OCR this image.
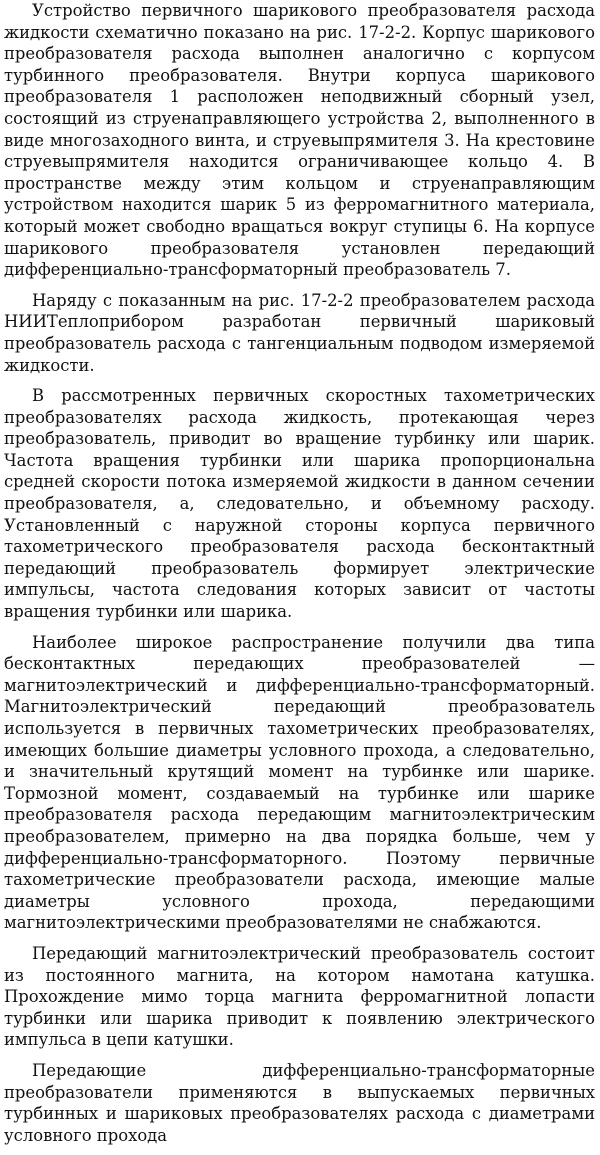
Устройство первичного шарикового преобразователя расхода жидкости схематично показано на рис. 17-2-2. Корпус шарикового преобразователя расхода выполнен аналогично с корпусом турбинного преобразователя. Внутри корпуса шарикового преобразователя 1 расположен неподвижный сборный узел, состоящий из струенаправляющего устройства 2, выполненного в виде многозаходного винта, и струевыпрямителя 3. На крестовине струевыпрямителя находится ограничивающее кольцо 4. В пространстве между этим кольцом и струенаправляющим устройством находится шарик 5 из ферромагнитного материала, который может свободно вращаться вокруг ступицы 6. На корпусе шарикового преобразователя установлен передающий дифференциально-трансформаторный преобразователь 7.

Наряду с показанным на рис. 17-2-2 преобразователем расхода НИИТеплоприбором разработан первичный шариковый преобразователь расхода с тангенциальным подводом измеряемой жидкости.

В рассмотренных первичных скоростных тахометрических преобразователях расхода жидкость, протекающая через преобразователь, приводит во вращение турбинку или шарик. Частота вращения турбинки или шарика пропорциональна средней скорости потока измеряемой жидкости в данном сечении преобразователя, а, следовательно, и объемному расходу. Установленный с наружной стороны корпуса первичного тахометрического преобразователя расхода бесконтактный передающий преобразователь формирует электрические импульсы, частота следования которых зависит от частоты вращения турбинки или шарика.

Наиболее широкое распространение получили два типа бесконтактных передающих преобразователей — магнитоэлектрический и дифференциально-трансформаторный. Магнитоэлектрический передающий преобразователь используется в первичных тахометрических преобразователях, имеющих большие диаметры условного прохода, а следовательно, и значительный крутящий момент на турбинке или шарике. Тормозной момент, создаваемый на турбинке или шарике преобразователя расхода передающим магнитоэлектрическим преобразователем, примерно на два порядка больше, чем у дифференциально-трансформаторного. Поэтому первичные тахометрические преобразователи расхода, имеющие малые диаметры условного прохода, передающими магнитоэлектрическими преобразователями не снабжаются.

Передающий магнитоэлектрический преобразователь состоит из постоянного магнита, на котором намотана катушка. Прохождение мимо торца магнита ферромагнитной лопасти турбинки или шарика приводит к появлению электрического импульса в цепи катушки.

Передающие дифференциально-трансформаторные преобразователи применяются в выпускаемых первичных турбинных и шариковых преобразователях расхода с диаметрами условного прохода
